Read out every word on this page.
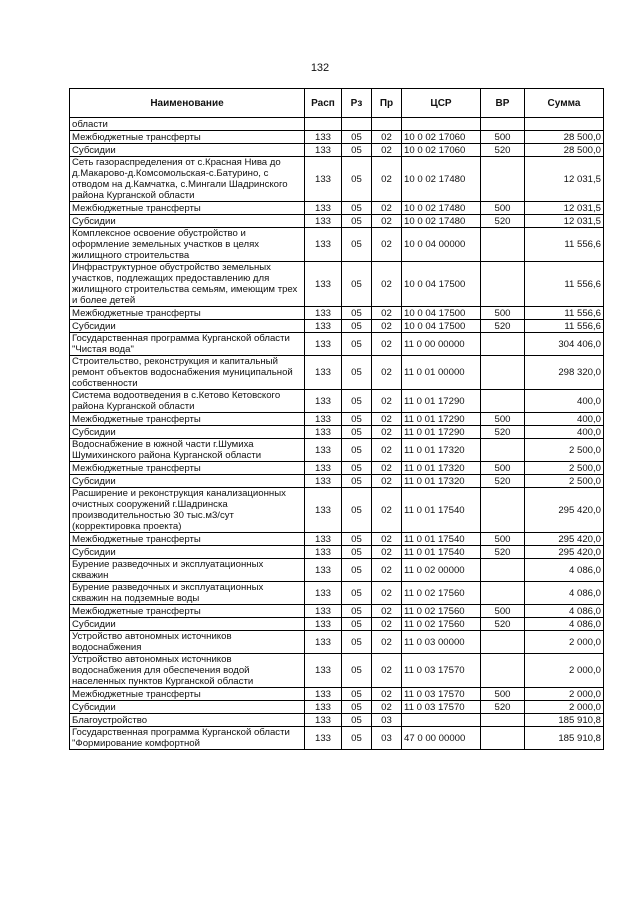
132
Наименование	Расп	Рз	Пр	ЦСР	ВР	Сумма
области						
Межбюджетные трансферты	133	05	02	10 0 02 17060	500	28 500,0
Субсидии	133	05	02	10 0 02 17060	520	28 500,0
Сеть газораспределения от с.Красная Нива до д.Макарово-д.Комсомольская-с.Батурино, с отводом на д.Камчатка, с.Мингали Шадринского района Курганской области	133	05	02	10 0 02 17480		12 031,5
Межбюджетные трансферты	133	05	02	10 0 02 17480	500	12 031,5
Субсидии	133	05	02	10 0 02 17480	520	12 031,5
Комплексное освоение обустройство и оформление земельных участков в целях жилищного строительства	133	05	02	10 0 04 00000		11 556,6
Инфраструктурное обустройство земельных участков, подлежащих предоставлению для жилищного строительства семьям, имеющим трех и более детей	133	05	02	10 0 04 17500		11 556,6
Межбюджетные трансферты	133	05	02	10 0 04 17500	500	11 556,6
Субсидии	133	05	02	10 0 04 17500	520	11 556,6
Государственная программа Курганской области "Чистая вода"	133	05	02	11 0 00 00000		304 406,0
Строительство, реконструкция и капитальный ремонт объектов водоснабжения муниципальной собственности	133	05	02	11 0 01 00000		298 320,0
Система водоотведения в с.Кетово Кетовского района Курганской области	133	05	02	11 0 01 17290		400,0
Межбюджетные трансферты	133	05	02	11 0 01 17290	500	400,0
Субсидии	133	05	02	11 0 01 17290	520	400,0
Водоснабжение в южной части г.Шумиха Шумихинского района Курганской области	133	05	02	11 0 01 17320		2 500,0
Межбюджетные трансферты	133	05	02	11 0 01 17320	500	2 500,0
Субсидии	133	05	02	11 0 01 17320	520	2 500,0
Расширение и реконструкция канализационных очистных сооружений г.Шадринска производительностью 30 тыс.м3/сут (корректировка проекта)	133	05	02	11 0 01 17540		295 420,0
Межбюджетные трансферты	133	05	02	11 0 01 17540	500	295 420,0
Субсидии	133	05	02	11 0 01 17540	520	295 420,0
Бурение разведочных и эксплуатационных скважин	133	05	02	11 0 02 00000		4 086,0
Бурение разведочных и эксплуатационных скважин на подземные воды	133	05	02	11 0 02 17560		4 086,0
Межбюджетные трансферты	133	05	02	11 0 02 17560	500	4 086,0
Субсидии	133	05	02	11 0 02 17560	520	4 086,0
Устройство автономных источников водоснабжения	133	05	02	11 0 03 00000		2 000,0
Устройство автономных источников водоснабжения для обеспечения водой населенных пунктов Курганской области	133	05	02	11 0 03 17570		2 000,0
Межбюджетные трансферты	133	05	02	11 0 03 17570	500	2 000,0
Субсидии	133	05	02	11 0 03 17570	520	2 000,0
Благоустройство	133	05	03			185 910,8
Государственная программа Курганской области "Формирование комфортной	133	05	03	47 0 00 00000		185 910,8
